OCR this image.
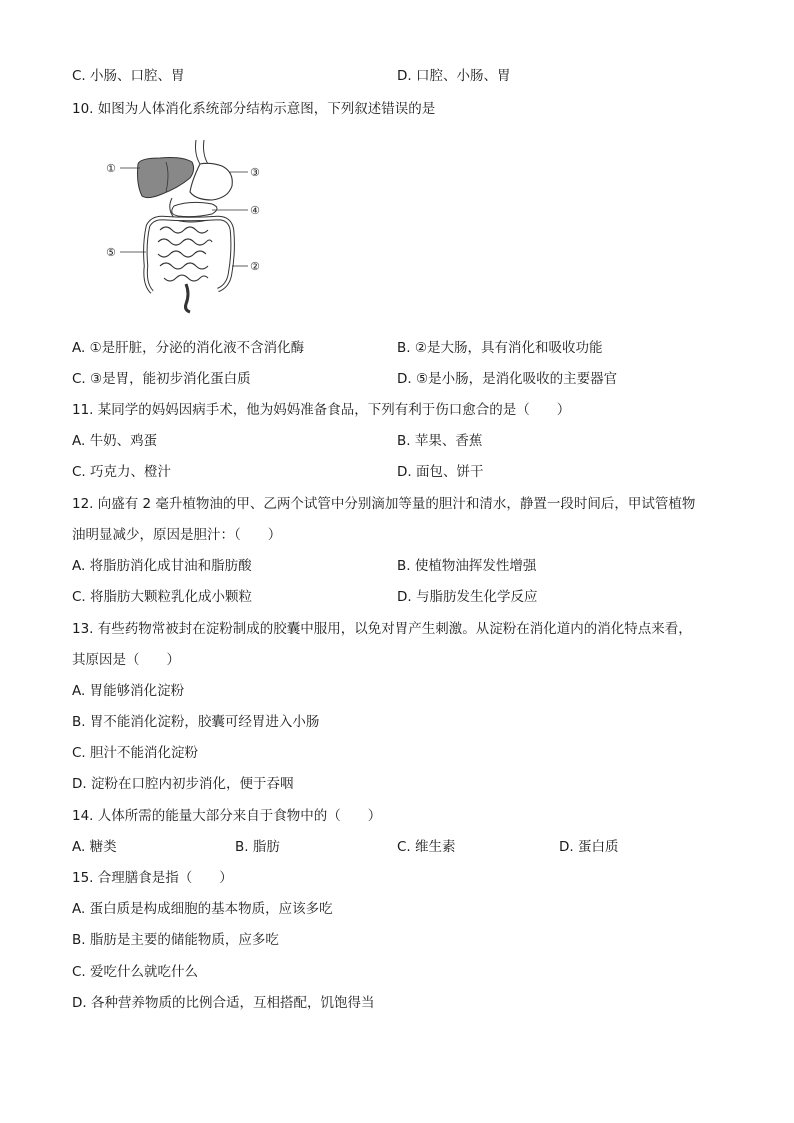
C. 小肠、口腔、胃	D. 口腔、小肠、胃
10. 如图为人体消化系统部分结构示意图，下列叙述错误的是
①	③
④
⑤
②
A. ①是肝脏，分泌的消化液不含消化酶	B. ②是大肠，具有消化和吸收功能
C. ③是胃，能初步消化蛋白质	D. ⑤是小肠，是消化吸收的主要器官
11. 某同学的妈妈因病手术，他为妈妈准备食品，下列有利于伤口愈合的是（　　）
A. 牛奶、鸡蛋	B. 苹果、香蕉
C. 巧克力、橙汁	D. 面包、饼干
12. 向盛有 2 毫升植物油的甲、乙两个试管中分别滴加等量的胆汁和清水，静置一段时间后，甲试管植物
油明显减少，原因是胆汁：（　　）
A. 将脂肪消化成甘油和脂肪酸	B. 使植物油挥发性增强
C. 将脂肪大颗粒乳化成小颗粒	D. 与脂肪发生化学反应
13. 有些药物常被封在淀粉制成的胶囊中服用，以免对胃产生刺激。从淀粉在消化道内的消化特点来看，
其原因是（　　）
A. 胃能够消化淀粉
B. 胃不能消化淀粉，胶囊可经胃进入小肠
C. 胆汁不能消化淀粉
D. 淀粉在口腔内初步消化，便于吞咽
14. 人体所需的能量大部分来自于食物中的（　　）
A. 糖类	B. 脂肪	C. 维生素	D. 蛋白质
15. 合理膳食是指（　　）
A. 蛋白质是构成细胞的基本物质，应该多吃
B. 脂肪是主要的储能物质，应多吃
C. 爱吃什么就吃什么
D. 各种营养物质的比例合适，互相搭配，饥饱得当
